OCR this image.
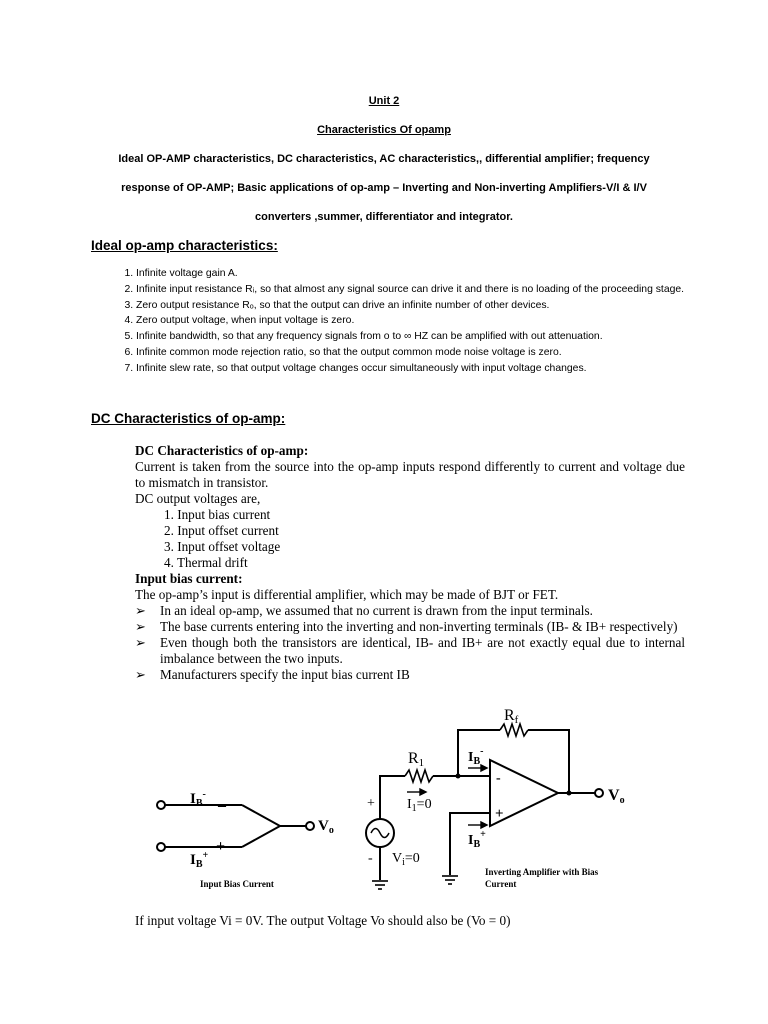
Unit 2
Characteristics Of opamp
Ideal OP-AMP characteristics, DC characteristics, AC characteristics,, differential amplifier; frequency
response of OP-AMP; Basic applications of op-amp – Inverting and Non-inverting Amplifiers-V/I & I/V
converters ,summer, differentiator and integrator.
Ideal op-amp characteristics:
1. Infinite voltage gain A.
2. Infinite input resistance Rᵢ, so that almost any signal source can drive it and there is no loading of the proceeding stage.
3. Zero output resistance Rₒ, so that the output can drive an infinite number of other devices.
4. Zero output voltage, when input voltage is zero.
5. Infinite bandwidth, so that any frequency signals from o to ∞ HZ can be amplified with out attenuation.
6. Infinite common mode rejection ratio, so that the output common mode noise voltage is zero.
7. Infinite slew rate, so that output voltage changes occur simultaneously with input voltage changes.
DC Characteristics of op-amp:

DC Characteristics of op-amp:

Current is taken from the source into the op-amp inputs respond differently to current and voltage due to mismatch in transistor.

DC output voltages are,

1. Input bias current

2. Input offset current

3. Input offset voltage

4. Thermal drift

Input bias current:

The op-amp’s input is differential amplifier, which may be made of BJT or FET.

➢	In an ideal op-amp, we assumed that no current is drawn from the input terminals.
➢	The base currents entering into the inverting and non-inverting terminals (IB- & IB+ respectively)
➢	Even though both the transistors are identical, IB- and IB+ are not exactly equal due to internal imbalance between the two inputs.
➢	Manufacturers specify the input bias current IB
$I_B^-$
–
+
$I_B^+$
$V_o$
Input Bias Current
Rf
R1	$I_B^-$
-
+
$I_1=0$
$I_B^+$
$V_i=0$
+
-
Vo
Inverting Amplifier with Bias
Current
If input voltage Vi = 0V. The output Voltage Vo should also be (Vo = 0)
